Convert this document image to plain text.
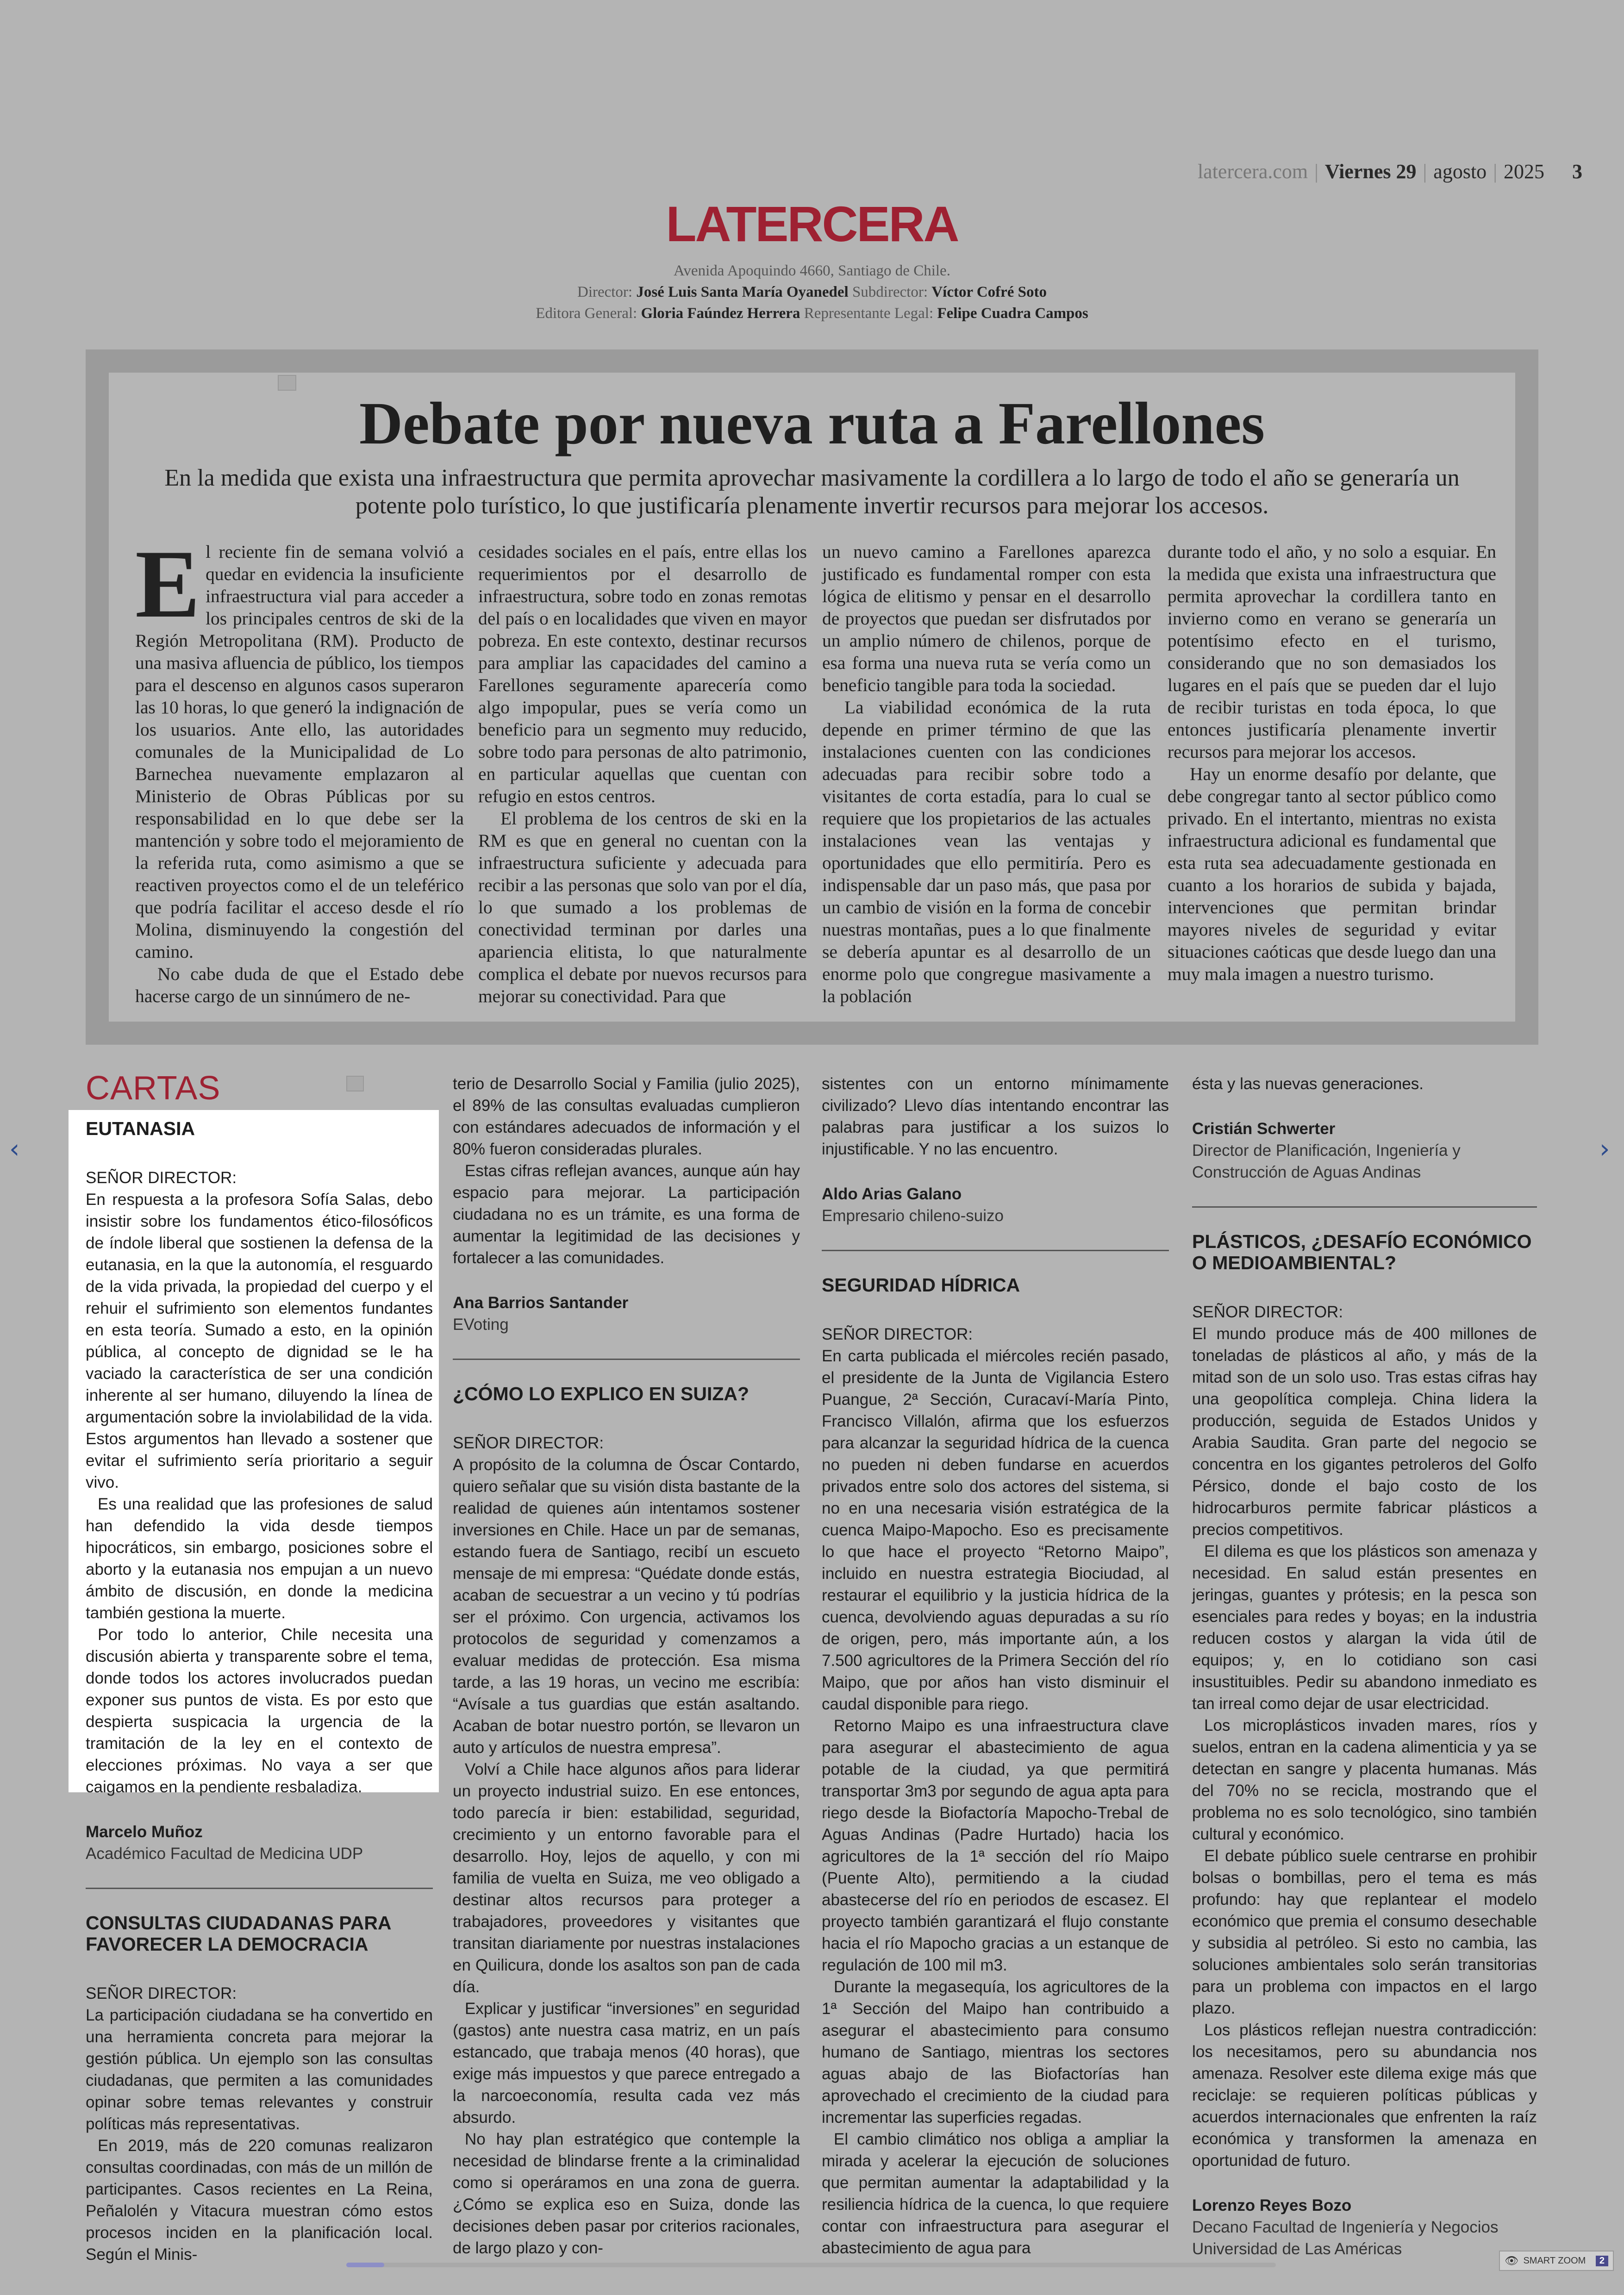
latercera.com | Viernes 29 | agosto | 2025 3
LATERCERA
Avenida Apoquindo 4660, Santiago de Chile.
Director: José Luis Santa María Oyanedel Subdirector: Víctor Cofré Soto
Editora General: Gloria Faúndez Herrera Representante Legal: Felipe Cuadra Campos
Debate por nueva ruta a Farellones
En la medida que exista una infraestructura que permita aprovechar masivamente la cordillera a lo largo de todo el año se generaría un potente polo turístico, lo que justificaría plenamente invertir recursos para mejorar los accesos.

El reciente fin de semana volvió a quedar en evidencia la insuficiente infraestructura vial para acceder a los principales centros de ski de la Región Metropolitana (RM). Producto de una masiva afluencia de público, los tiempos para el descenso en algunos casos superaron las 10 horas, lo que generó la indignación de los usuarios. Ante ello, las autoridades comunales de la Municipalidad de Lo Barnechea nuevamente emplazaron al Ministerio de Obras Públicas por su responsabilidad en lo que debe ser la mantención y sobre todo el mejoramiento de la referida ruta, como asimismo a que se reactiven proyectos como el de un teleférico que podría facilitar el acceso desde el río Molina, disminuyendo la congestión del camino.

No cabe duda de que el Estado debe hacerse cargo de un sinnúmero de ne-

cesidades sociales en el país, entre ellas los requerimientos por el desarrollo de infraestructura, sobre todo en zonas remotas del país o en localidades que viven en mayor pobreza. En este contexto, destinar recursos para ampliar las capacidades del camino a Farellones seguramente aparecería como algo impopular, pues se vería como un beneficio para un segmento muy reducido, sobre todo para personas de alto patrimonio, en particular aquellas que cuentan con refugio en estos centros.

El problema de los centros de ski en la RM es que en general no cuentan con la infraestructura suficiente y adecuada para recibir a las personas que solo van por el día, lo que sumado a los problemas de conectividad terminan por darles una apariencia elitista, lo que naturalmente complica el debate por nuevos recursos para mejorar su conectividad. Para que

un nuevo camino a Farellones aparezca justificado es fundamental romper con esta lógica de elitismo y pensar en el desarrollo de proyectos que puedan ser disfrutados por un amplio número de chilenos, porque de esa forma una nueva ruta se vería como un beneficio tangible para toda la sociedad.

La viabilidad económica de la ruta depende en primer término de que las instalaciones cuenten con las condiciones adecuadas para recibir sobre todo a visitantes de corta estadía, para lo cual se requiere que los propietarios de las actuales instalaciones vean las ventajas y oportunidades que ello permitiría. Pero es indispensable dar un paso más, que pasa por un cambio de visión en la forma de concebir nuestras montañas, pues a lo que finalmente se debería apuntar es al desarrollo de un enorme polo que congregue masivamente a la población

durante todo el año, y no solo a esquiar. En la medida que exista una infraestructura que permita aprovechar la cordillera tanto en invierno como en verano se generaría un potentísimo efecto en el turismo, considerando que no son demasiados los lugares en el país que se pueden dar el lujo de recibir turistas en toda época, lo que entonces justificaría plenamente invertir recursos para mejorar los accesos.

Hay un enorme desafío por delante, que debe congregar tanto al sector público como privado. En el intertanto, mientras no exista infraestructura adicional es fundamental que esta ruta sea adecuadamente gestionada en cuanto a los horarios de subida y bajada, intervenciones que permitan brindar mayores niveles de seguridad y evitar situaciones caóticas que desde luego dan una muy mala imagen a nuestro turismo.

CARTAS
EUTANASIA

SEÑOR DIRECTOR:

En respuesta a la profesora Sofía Salas, debo insistir sobre los fundamentos ético-filosóficos de índole liberal que sostienen la defensa de la eutanasia, en la que la autonomía, el resguardo de la vida privada, la propiedad del cuerpo y el rehuir el sufrimiento son elementos fundantes en esta teoría. Sumado a esto, en la opinión pública, al concepto de dignidad se le ha vaciado la característica de ser una condición inherente al ser humano, diluyendo la línea de argumentación sobre la inviolabilidad de la vida. Estos argumentos han llevado a sostener que evitar el sufrimiento sería prioritario a seguir vivo.

Es una realidad que las profesiones de salud han defendido la vida desde tiempos hipocráticos, sin embargo, posiciones sobre el aborto y la eutanasia nos empujan a un nuevo ámbito de discusión, en donde la medicina también gestiona la muerte.

Por todo lo anterior, Chile necesita una discusión abierta y transparente sobre el tema, donde todos los actores involucrados puedan exponer sus puntos de vista. Es por esto que despierta suspicacia la urgencia de la tramitación de la ley en el contexto de elecciones próximas. No vaya a ser que caigamos en la pendiente resbaladiza.

Marcelo Muñoz

Académico Facultad de Medicina UDP

CONSULTAS CIUDADANAS PARA FAVORECER LA DEMOCRACIA

SEÑOR DIRECTOR:

La participación ciudadana se ha convertido en una herramienta concreta para mejorar la gestión pública. Un ejemplo son las consultas ciudadanas, que permiten a las comunidades opinar sobre temas relevantes y construir políticas más representativas.

En 2019, más de 220 comunas realizaron consultas coordinadas, con más de un millón de participantes. Casos recientes en La Reina, Peñalolén y Vitacura muestran cómo estos procesos inciden en la planificación local. Según el Minis-

terio de Desarrollo Social y Familia (julio 2025), el 89% de las consultas evaluadas cumplieron con estándares adecuados de información y el 80% fueron consideradas plurales.

Estas cifras reflejan avances, aunque aún hay espacio para mejorar. La participación ciudadana no es un trámite, es una forma de aumentar la legitimidad de las decisiones y fortalecer a las comunidades.

Ana Barrios Santander

EVoting

¿CÓMO LO EXPLICO EN SUIZA?

SEÑOR DIRECTOR:

A propósito de la columna de Óscar Contardo, quiero señalar que su visión dista bastante de la realidad de quienes aún intentamos sostener inversiones en Chile. Hace un par de semanas, estando fuera de Santiago, recibí un escueto mensaje de mi empresa: “Quédate donde estás, acaban de secuestrar a un vecino y tú podrías ser el próximo. Con urgencia, activamos los protocolos de seguridad y comenzamos a evaluar medidas de protección. Esa misma tarde, a las 19 horas, un vecino me escribía: “Avísale a tus guardias que están asaltando. Acaban de botar nuestro portón, se llevaron un auto y artículos de nuestra empresa”.

Volví a Chile hace algunos años para liderar un proyecto industrial suizo. En ese entonces, todo parecía ir bien: estabilidad, seguridad, crecimiento y un entorno favorable para el desarrollo. Hoy, lejos de aquello, y con mi familia de vuelta en Suiza, me veo obligado a destinar altos recursos para proteger a trabajadores, proveedores y visitantes que transitan diariamente por nuestras instalaciones en Quilicura, donde los asaltos son pan de cada día.

Explicar y justificar “inversiones” en seguridad (gastos) ante nuestra casa matriz, en un país estancado, que trabaja menos (40 horas), que exige más impuestos y que parece entregado a la narcoeconomía, resulta cada vez más absurdo.

No hay plan estratégico que contemple la necesidad de blindarse frente a la criminalidad como si operáramos en una zona de guerra. ¿Cómo se explica eso en Suiza, donde las decisiones deben pasar por criterios racionales, de largo plazo y con-

sistentes con un entorno mínimamente civilizado? Llevo días intentando encontrar las palabras para justificar a los suizos lo injustificable. Y no las encuentro.

Aldo Arias Galano

Empresario chileno-suizo

SEGURIDAD HÍDRICA

SEÑOR DIRECTOR:

En carta publicada el miércoles recién pasado, el presidente de la Junta de Vigilancia Estero Puangue, 2ª Sección, Curacaví-María Pinto, Francisco Villalón, afirma que los esfuerzos para alcanzar la seguridad hídrica de la cuenca no pueden ni deben fundarse en acuerdos privados entre solo dos actores del sistema, si no en una necesaria visión estratégica de la cuenca Maipo-Mapocho. Eso es precisamente lo que hace el proyecto “Retorno Maipo”, incluido en nuestra estrategia Biociudad, al restaurar el equilibrio y la justicia hídrica de la cuenca, devolviendo aguas depuradas a su río de origen, pero, más importante aún, a los 7.500 agricultores de la Primera Sección del río Maipo, que por años han visto disminuir el caudal disponible para riego.

Retorno Maipo es una infraestructura clave para asegurar el abastecimiento de agua potable de la ciudad, ya que permitirá transportar 3m3 por segundo de agua apta para riego desde la Biofactoría Mapocho-Trebal de Aguas Andinas (Padre Hurtado) hacia los agricultores de la 1ª sección del río Maipo (Puente Alto), permitiendo a la ciudad abastecerse del río en periodos de escasez. El proyecto también garantizará el flujo constante hacia el río Mapocho gracias a un estanque de regulación de 100 mil m3.

Durante la megasequía, los agricultores de la 1ª Sección del Maipo han contribuido a asegurar el abastecimiento para consumo humano de Santiago, mientras los sectores aguas abajo de las Biofactorías han aprovechado el crecimiento de la ciudad para incrementar las superficies regadas.

El cambio climático nos obliga a ampliar la mirada y acelerar la ejecución de soluciones que permitan aumentar la adaptabilidad y la resiliencia hídrica de la cuenca, lo que requiere contar con infraestructura para asegurar el abastecimiento de agua para

ésta y las nuevas generaciones.

Cristián Schwerter

Director de Planificación, Ingeniería y Construcción de Aguas Andinas

PLÁSTICOS, ¿DESAFÍO ECONÓMICO O MEDIOAMBIENTAL?

SEÑOR DIRECTOR:

El mundo produce más de 400 millones de toneladas de plásticos al año, y más de la mitad son de un solo uso. Tras estas cifras hay una geopolítica compleja. China lidera la producción, seguida de Estados Unidos y Arabia Saudita. Gran parte del negocio se concentra en los gigantes petroleros del Golfo Pérsico, donde el bajo costo de los hidrocarburos permite fabricar plásticos a precios competitivos.

El dilema es que los plásticos son amenaza y necesidad. En salud están presentes en jeringas, guantes y prótesis; en la pesca son esenciales para redes y boyas; en la industria reducen costos y alargan la vida útil de equipos; y, en lo cotidiano son casi insustituibles. Pedir su abandono inmediato es tan irreal como dejar de usar electricidad.

Los microplásticos invaden mares, ríos y suelos, entran en la cadena alimenticia y ya se detectan en sangre y placenta humanas. Más del 70% no se recicla, mostrando que el problema no es solo tecnológico, sino también cultural y económico.

El debate público suele centrarse en prohibir bolsas o bombillas, pero el tema es más profundo: hay que replantear el modelo económico que premia el consumo desechable y subsidia al petróleo. Si esto no cambia, las soluciones ambientales solo serán transitorias para un problema con impactos en el largo plazo.

Los plásticos reflejan nuestra contradicción: los necesitamos, pero su abundancia nos amenaza. Resolver este dilema exige más que reciclaje: se requieren políticas públicas y acuerdos internacionales que enfrenten la raíz económica y transformen la amenaza en oportunidad de futuro.

Lorenzo Reyes Bozo

Decano Facultad de Ingeniería y Negocios Universidad de Las Américas

‹	›
👁 SMART ZOOM	2
